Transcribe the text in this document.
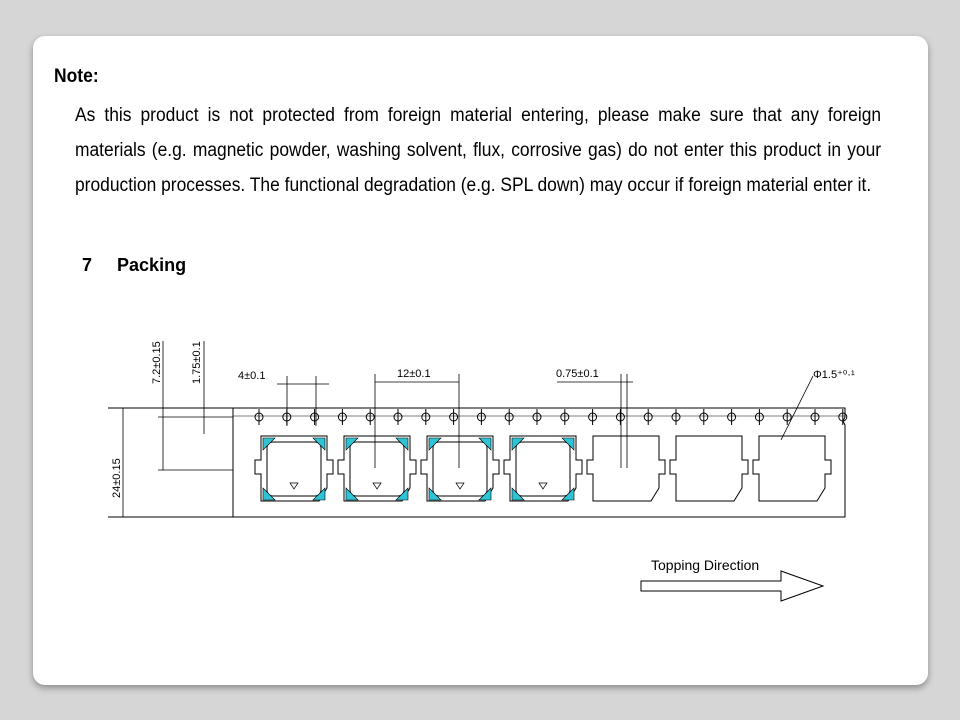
Note:
As this product is not protected from foreign material entering, please make sure that any foreign materials (e.g. magnetic powder, washing solvent, flux, corrosive gas) do not enter this product in your production processes. The functional degradation (e.g. SPL down) may occur if foreign material enter it.
7 Packing
7.2±0.15	1.75±0.1
24±0.15
4±0.1	12±0.1	0.75±0.1	Φ1.5⁺⁰·¹
Topping Direction
